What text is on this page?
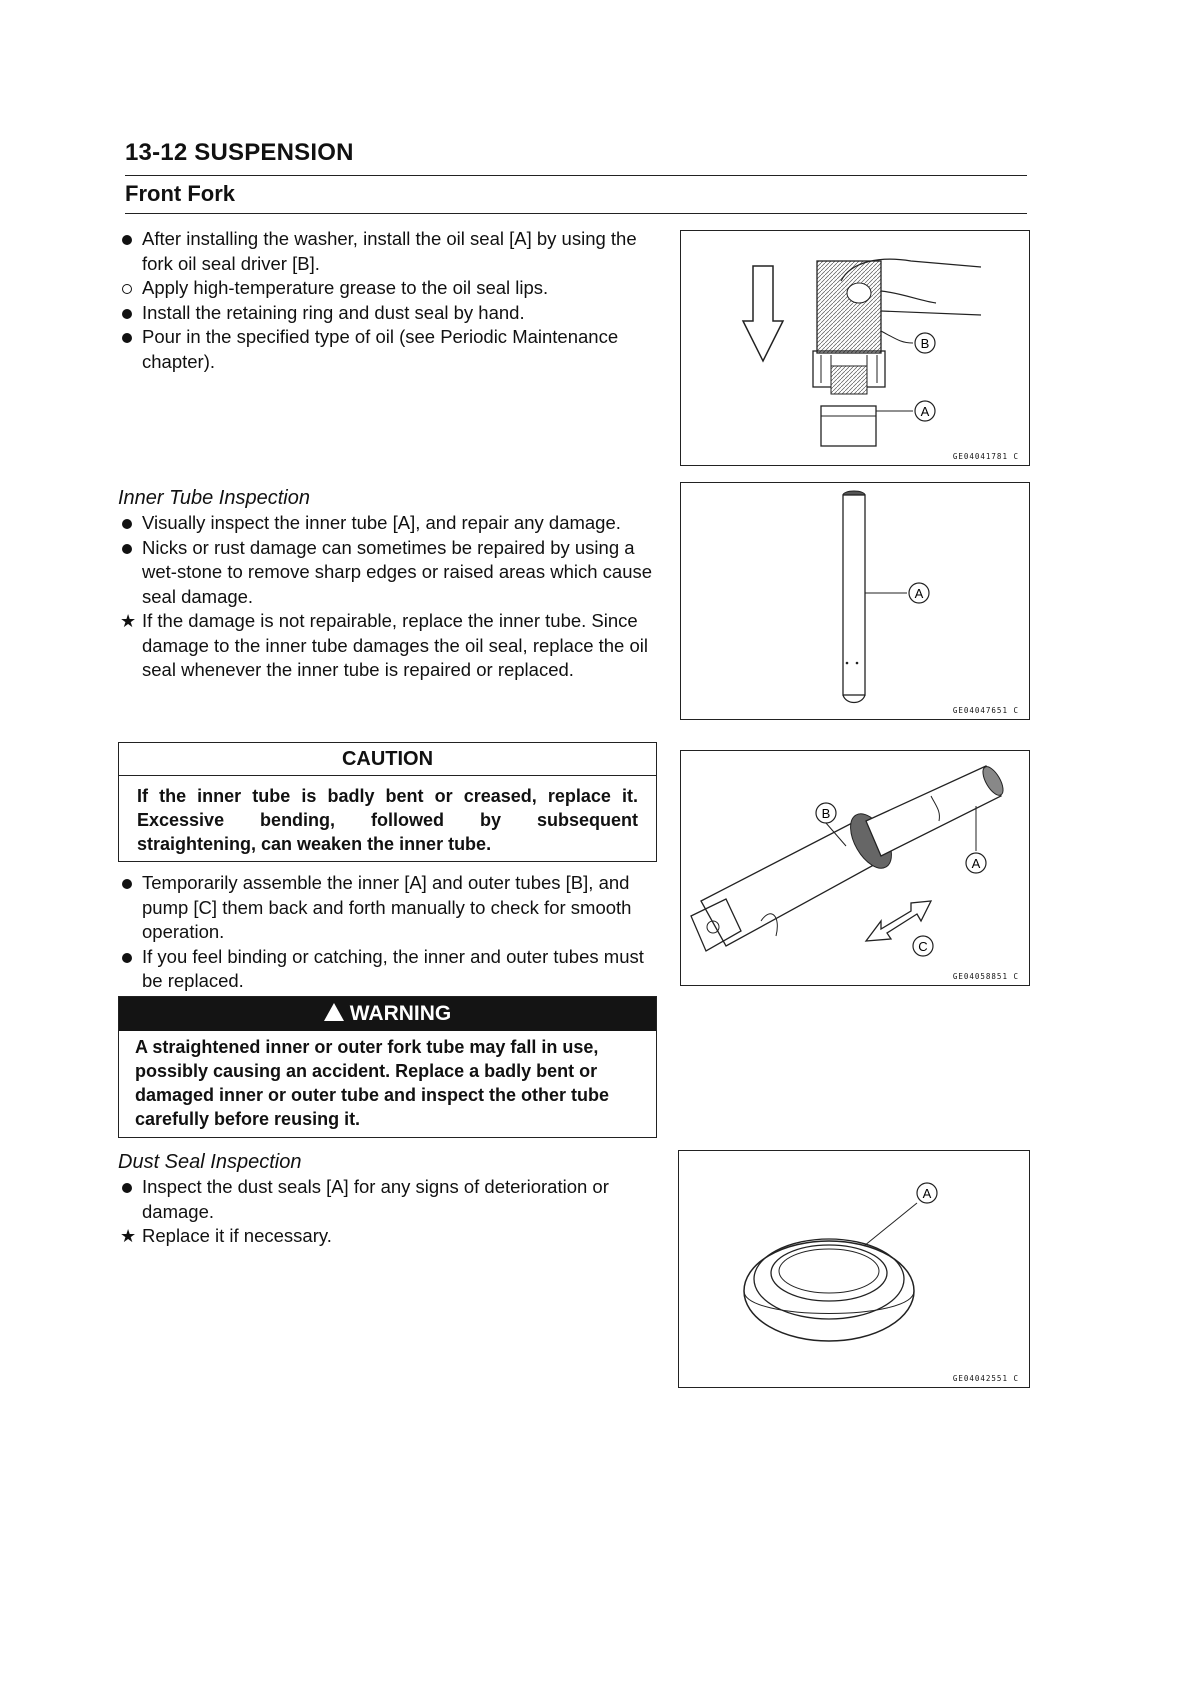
13-12 SUSPENSION
Front Fork
After installing the washer, install the oil seal [A] by using the fork oil seal driver [B].
Apply high-temperature grease to the oil seal lips.
Install the retaining ring and dust seal by hand.
Pour in the specified type of oil (see Periodic Maintenance chapter).

Inner Tube Inspection

Visually inspect the inner tube [A], and repair any damage.
Nicks or rust damage can sometimes be repaired by using a wet-stone to remove sharp edges or raised areas which cause seal damage.
★ If the damage is not repairable, replace the inner tube. Since damage to the inner tube damages the oil seal, replace the oil seal whenever the inner tube is repaired or replaced.
CAUTION
If the inner tube is badly bent or creased, replace it. Excessive bending, followed by subsequent straightening, can weaken the inner tube.
Temporarily assemble the inner [A] and outer tubes [B], and pump [C] them back and forth manually to check for smooth operation.
If you feel binding or catching, the inner and outer tubes must be replaced.
WARNING
A straightened inner or outer fork tube may fall in use, possibly causing an accident. Replace a badly bent or damaged inner or outer tube and inspect the other tube carefully before reusing it.

Dust Seal Inspection

Inspect the dust seals [A] for any signs of deterioration or damage.
★ Replace it if necessary.
B
A
GE04041781 C
A
GE04047651 C
B
A
C
GE04058851 C
A
GE04042551 C
